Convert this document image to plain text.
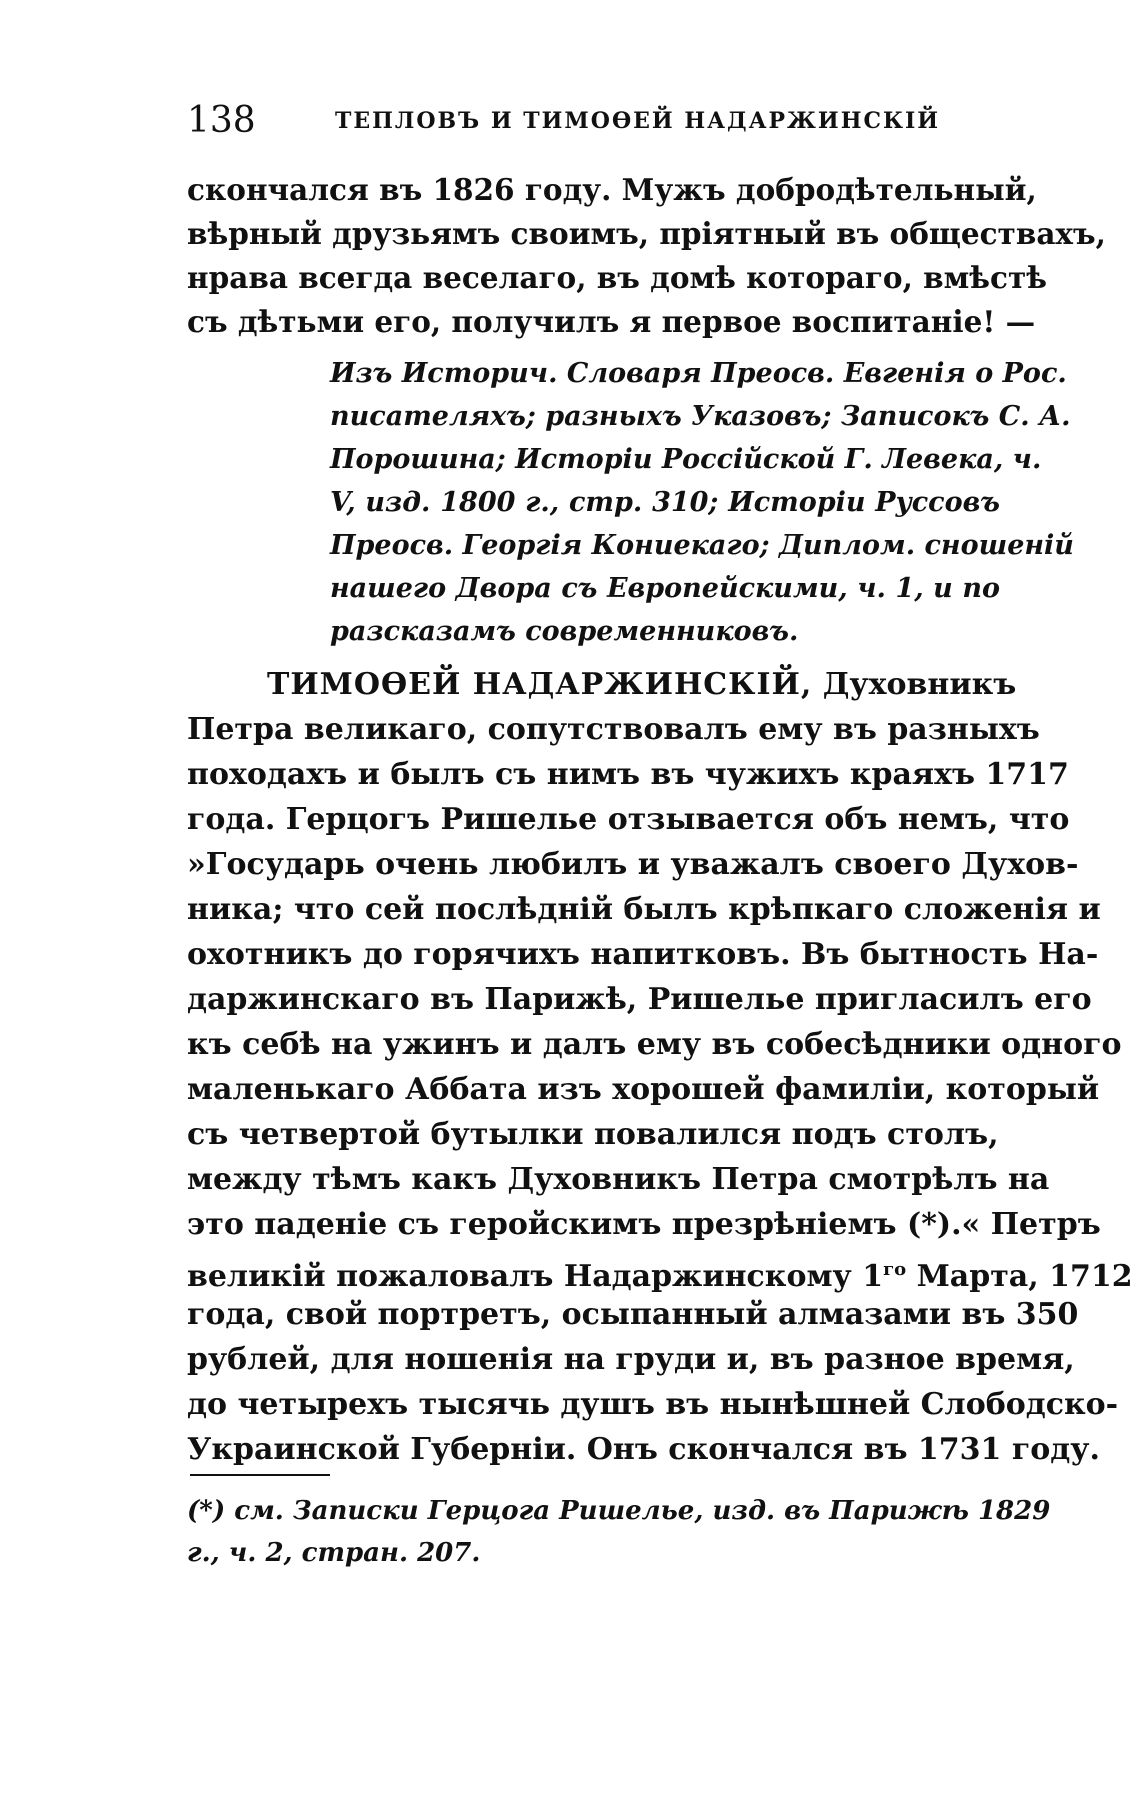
138	ТЕПЛОВЪ И ТИМОѲЕЙ НАДАРЖИНСКІЙ
скончался въ 1826 году. Мужъ добродѣтельный,
вѣрный друзьямъ своимъ, пріятный въ обществахъ,
нрава всегда веселаго, въ домѣ котораго, вмѣстѣ
съ дѣтьми его, получилъ я первое воспитаніе! —
Изъ Историч. Словаря Преосв. Евгенія о Рос.
писателяхъ; разныхъ Указовъ; Записокъ С. А.
Порошина; Исторіи Россійской Г. Левека, ч.
V, изд. 1800 г., стр. 310; Исторіи Руссовъ
Преосв. Георгія Кониекаго; Диплом. сношеній
нашего Двора съ Европейскими, ч. 1, и по
разсказамъ современниковъ.
ТИМОѲЕЙ НАДАРЖИНСКІЙ, Духовникъ
Петра великаго, сопутствовалъ ему въ разныхъ
походахъ и былъ съ нимъ въ чужихъ краяхъ 1717
года. Герцогъ Ришелье отзывается объ немъ, что
»Государь очень любилъ и уважалъ своего Духов-
ника; что сей послѣдній былъ крѣпкаго сложенія и
охотникъ до горячихъ напитковъ. Въ бытность На-
даржинскаго въ Парижѣ, Ришелье пригласилъ его
къ себѣ на ужинъ и далъ ему въ собесѣдники одного
маленькаго Аббата изъ хорошей фамиліи, который
съ четвертой бутылки повалился подъ столъ,
между тѣмъ какъ Духовникъ Петра смотрѣлъ на
это паденіе съ геройскимъ презрѣніемъ (*).« Петръ
великій пожаловалъ Надаржинскому $1^{го}$ Марта, 1712
года, свой портретъ, осыпанный алмазами въ 350
рублей, для ношенія на груди и, въ разное время,
до четырехъ тысячь душъ въ нынѣшней Слободско-
Украинской Губерніи. Онъ скончался въ 1731 году.
(*) см. Записки Герцога Ришелье, изд. въ Парижѣ 1829
г., ч. 2, стран. 207.
